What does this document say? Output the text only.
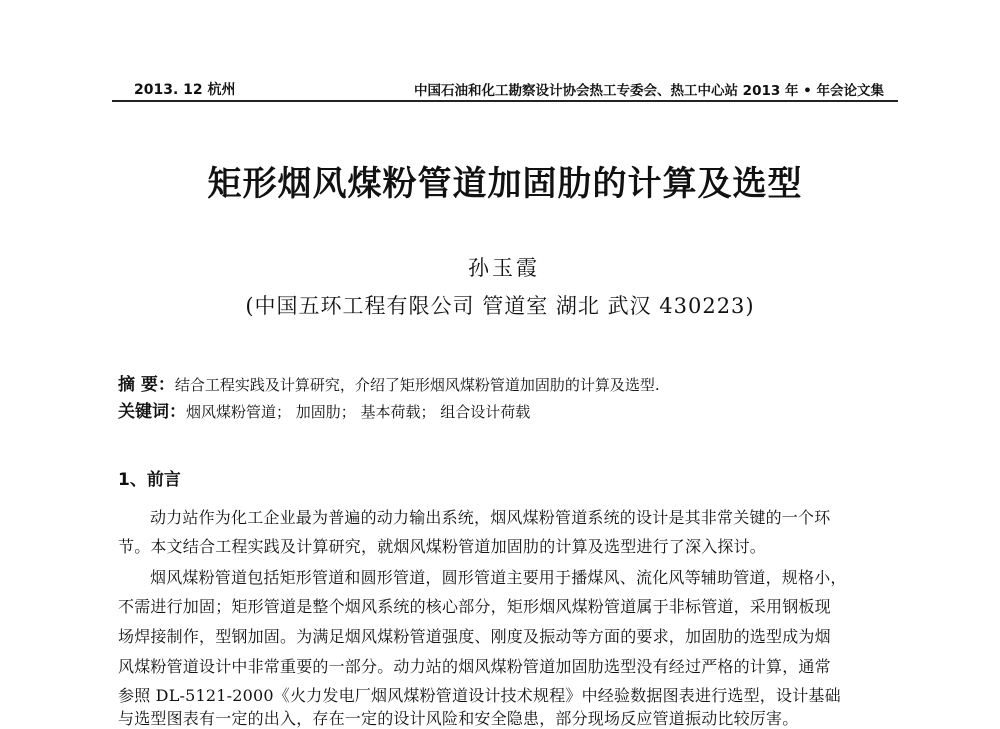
2013. 12 杭州	中国石油和化工勘察设计协会热工专委会、热工中心站 2013 年 • 年会论文集
矩形烟风煤粉管道加固肋的计算及选型
孙玉霞
(中国五环工程有限公司 管道室 湖北 武汉 430223)
摘 要：结合工程实践及计算研究，介绍了矩形烟风煤粉管道加固肋的计算及选型.
关键词：烟风煤粉管道； 加固肋； 基本荷载； 组合设计荷载
1、前言
动力站作为化工企业最为普遍的动力输出系统，烟风煤粉管道系统的设计是其非常关键的一个环
节。本文结合工程实践及计算研究，就烟风煤粉管道加固肋的计算及选型进行了深入探讨。
烟风煤粉管道包括矩形管道和圆形管道，圆形管道主要用于播煤风、流化风等辅助管道，规格小，
不需进行加固；矩形管道是整个烟风系统的核心部分，矩形烟风煤粉管道属于非标管道，采用钢板现
场焊接制作，型钢加固。为满足烟风煤粉管道强度、刚度及振动等方面的要求，加固肋的选型成为烟
风煤粉管道设计中非常重要的一部分。动力站的烟风煤粉管道加固肋选型没有经过严格的计算，通常
参照 DL-5121-2000《火力发电厂烟风煤粉管道设计技术规程》中经验数据图表进行选型，设计基础
与选型图表有一定的出入，存在一定的设计风险和安全隐患，部分现场反应管道振动比较厉害。
